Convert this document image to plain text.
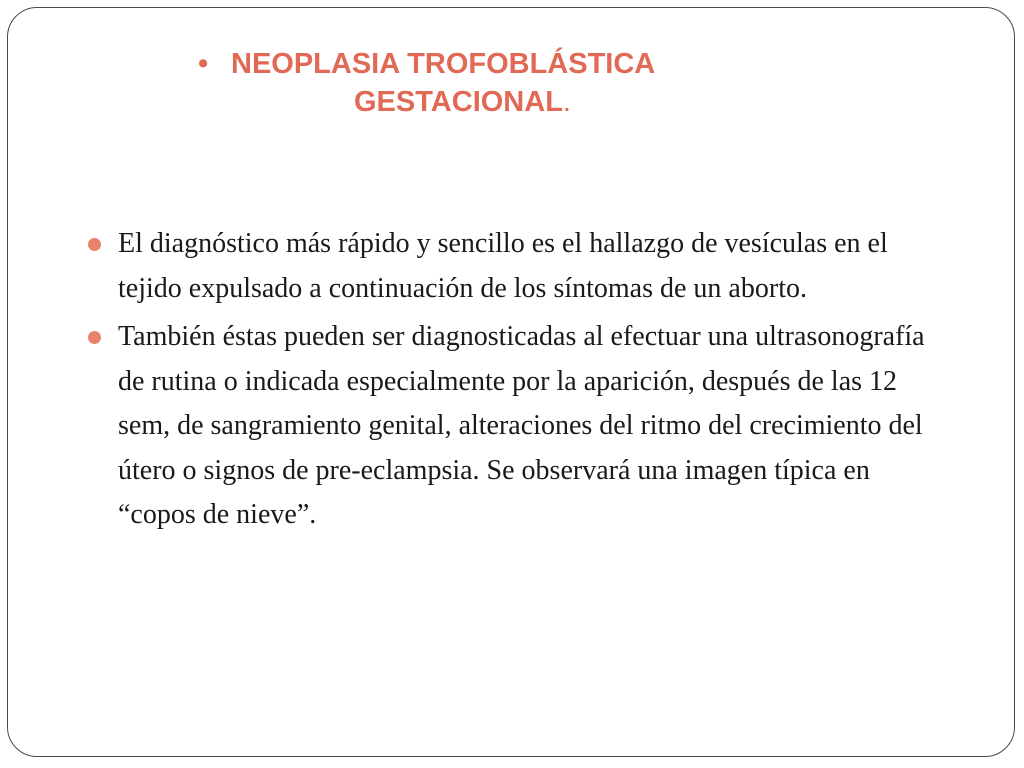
• NEOPLASIA TROFOBLÁSTICA
GESTACIONAL.
El diagnóstico más rápido y sencillo es el hallazgo de vesículas en el tejido expulsado a continuación de los síntomas de un aborto.
También éstas pueden ser diagnosticadas al efectuar una ultrasonografía de rutina o indicada especialmente por la aparición, después de las 12 sem, de sangramiento genital, alteraciones del ritmo del crecimiento del útero o signos de pre-eclampsia. Se observará una imagen típica en “copos de nieve”.
